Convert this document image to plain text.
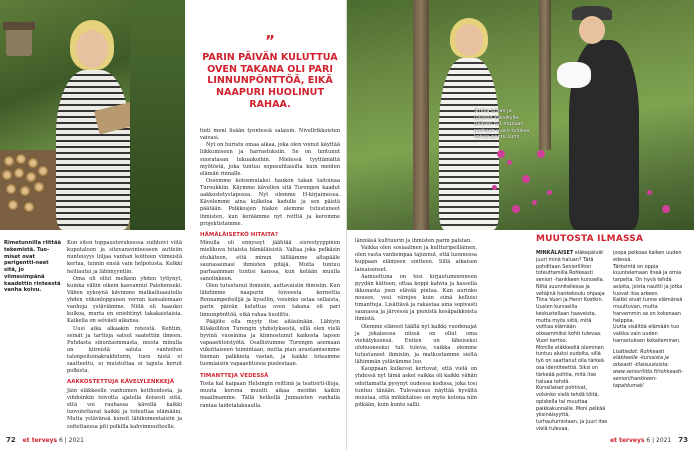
”
PARIN PÄIVÄN KULUTTUA OVEN TAKANA OLI PARI LINNUNPÖNTTÖÄ, EIKÄ NAAPURI HUOLINUT RAHAA.
Rimetunnilla riittää tekemistä. Tuo-miset ovat perigentti-neet sitä, jo viimesimpänä kaadettin rinteestä vanha koivu.

Kun siten toppaustovuksessa suihtoivi viitä kuputaloon ja sitovaravinteeseen autteiin nunteisyys liiljaa vanhan koitteen viimeistä kertaa, tunnin ensiä vain helpotusta. Kolkki heiliautui ja lähimyyntiin.

Oma oli ollut melkein yhden tyttynyt, kuinka väliin oikein kasvannut Palohenseki. Vähen uykoynä kävimme matkailuaautolla yhden viikonloppunen verran kansalemaan vanhoja ystäviämme. Niitä oli haaukoi kulkoa, murta en eniehtinyt takakaistaisia. Kaikella on selvästi aikansa.

Uusi aika alkaakin reteistä. Kehtiin, seinät ja tartteja satsut saatettiin ilmeen. Puhdasta sinuntasmmasta, musta minulla on kiireistä saluta vanhoihin talonpeitoinakrakhitorin, tuen nistä ei saatteettu, ei muistuttaa ei taputa keruit polkista.

AAKKOSTETTUJA KÄVELYLENKKEJÄ

Jäin eläkkeelle vanhumen kotihoidosta, ja vihdoinkin toivotta ajatella iloisesti siitä, että voi rauhassa kävellä kaikki luovutettavat kaikki ja toteuttaa elämääni. Mutta ystävänsä kunsit lähikomentaisiin ja soitettaessa piti polkilla kahvinnuutteelle.

tinti meni lisään tyontessä salaisin. Nivellrikkoisten vaivasi.

Nyt on huristu omaa aikaa, joka olen voinut käyttää liikkumiseen ja harrastuksiin. Se on tuntunut suoratasan lukuaikoihin. Mielessä tyyttämättä myötöstä, joka tuntuu sopusuhtaisilta kuin meiden elämän rinnalle.

Ossemme kotosmutaksi haukon takan taitoinaa Turoukkiin. Käymme kävellen sitä Turongen kaadut aakkostetystapossa. Nyt olemme H-kirjaimessa. Kävelemme aina kulkeloa kadulle ja sen päistä päätään. Polkkosjen hiakoi olemme tutustuneet ihmisten, kun keräämme nyt reittiä ja keromme projektistamme.

HÄMÄLÄISETKÖ HITAITA?

Minulla oli ennyssyt jäähtää sisrestyyppinen mielikuva hitaista hämäläisistä. Valtaa joka pelkäsin etukäteen, että minun tälläämme altapääle saunasaunasi ihmisten pitäjä. Mutta tuntuu parhaamman tuntisi kanssa, kun ketään muulla sanolinkeen.

Olen tutustunut ihmisiin, auttavaisiin ihmisiin. Kun lähdimme naapurin toiveesta kornettia Rennampeiteilijä ja kysellin, voisinko ostaa sellaista, parin päivän kuluttua oven takana oli pari linnunpönttöä, eikä rahaa huolittu.

Pääjöte olla myyty itse aitäsiinään. Lähtyin Kilakolliton Turengin yhdistyksestä, sillä olen vielä hyvinä vuosinina ja kiinnostunut kaikesta lapsen vapaaehtoistyötä. Osallistumme Turengin asemaan viikottaiseen toimintaan, mutta pian avustamisemme hieman palkkiota vastan, ja kaikki toteamme tuomiaisiin vapaaehtoisia puolestaan.

TIMANTTEJA VEDESSÄ

Tosta kal kaipaan Helsingin reittinä ja teatterti-illoja, muuta korona muutti aikaa meidän kaikin maailmamme. Tällä hetkellä Junnaisten vanhalla rantaa taidetalakuaulla.

72 et terveys 6 | 2021
Sirkka-Liisan ja Juhanin kaksikylle pääsee nyt mukaan perheen uusin tulokas koiran-pentu Lumi.

länniäsä kulttuurin ja ihmisten parin palstan.

Vaikka olen sosiaalinen ja kultturipeiliäinen, olen vasta vanhempaa tajunnut, että luonnossa kuppaan elämisen sintteen. Sillä aikaisen lainaisenset.

Aamuettuna on tosi kirjautumoonneen pyydän kätteen, ottaa koppi kahvia ja kassella ikkunasta joen elävää pintaa. Kun aurinko nousee, vesi värejee kuin siinä kelluisi timantteja. Lisättävä ja rakastaa aina sopivasti saunassa ja järvessä ja pienistä kesäpaikkoista ihmistä.

Olemme eläneet täällä nyt kaikki vuodenajat ja jokaisessa niissä on ollut oma viehätyksensä. Eniten on läheiseksi olohuoneeksi tuli tuleva, vaikka olemme tutustuneet ihmisiin, ja matkustamme sieltä lähimmän ystävämme luo.

Kauppaan kulkevat kertovat, että vielä on yhdessä nyt tämä askel vaikka oli kaikki vähän odottamatta pysynyt uudessa kodissa, joka tosi tuntuu tänään. Tulevaisuus näyttää hyvältä muistaa, että mökkitaloss on myös kotona niin pitkään, kuin kunto sallii.

MUUTOSTA ILMASSA

MINKÄLAISET eläkepäivät juuri minä haluan? Tätä pohditaan Seniorilliton toteuttamilla Rohkeasti seniori -hankkeen kurssella. Niitä suunnitellessa ja vetäjinä hankekoulu ohjaaja Tiina Vuori ja Henri Kostkin.

Uusien kursseilla keskustellaan haaveista, mutta myös siitä, mitä voittaa elämään oikeammiksi kohti tulevaa. Vuori kertoo.

Monille eläkkeellä oleminen tuntuu aluksi oudolta, sillä työ on saattanut olla tärkeä osa identiteettiä. Siksi on tärkeää pohtia, mitä itse haluaa tehdä.

Kurssilaiset pohtivat, voisinko vielä tehdä töitä, opiskella tai muuttaa paikkakunnalle. Moni pelkää yksinäisyyttä, turhautumistaan, ja juuri itse vielä tulevaa.

joopa pelkoaa kaiken uuden edessä.

Tärkeintä on oppia kuuntelemaan itseä ja omia tarpeita. On hyvä tehdä asioita, joista nauttii ja jotka tuovat iloa arkeen.

Kaikki eivät tunne elämänsä muuttuvan, mutta harvemmin se on kokonaan helppoa.

Uutta sisältöä elämään tuo vaikka vain uuden harrastuksen kokeileminen.

Lisätiedot: Rohkeasti eläkkeelle -kurssista ja oikeasti -tilaisuuksista: www.seniorilitto.fi/rohkeasti-seniori/hankkeen-tapahtumat/

et terveys 6 | 2021 73
